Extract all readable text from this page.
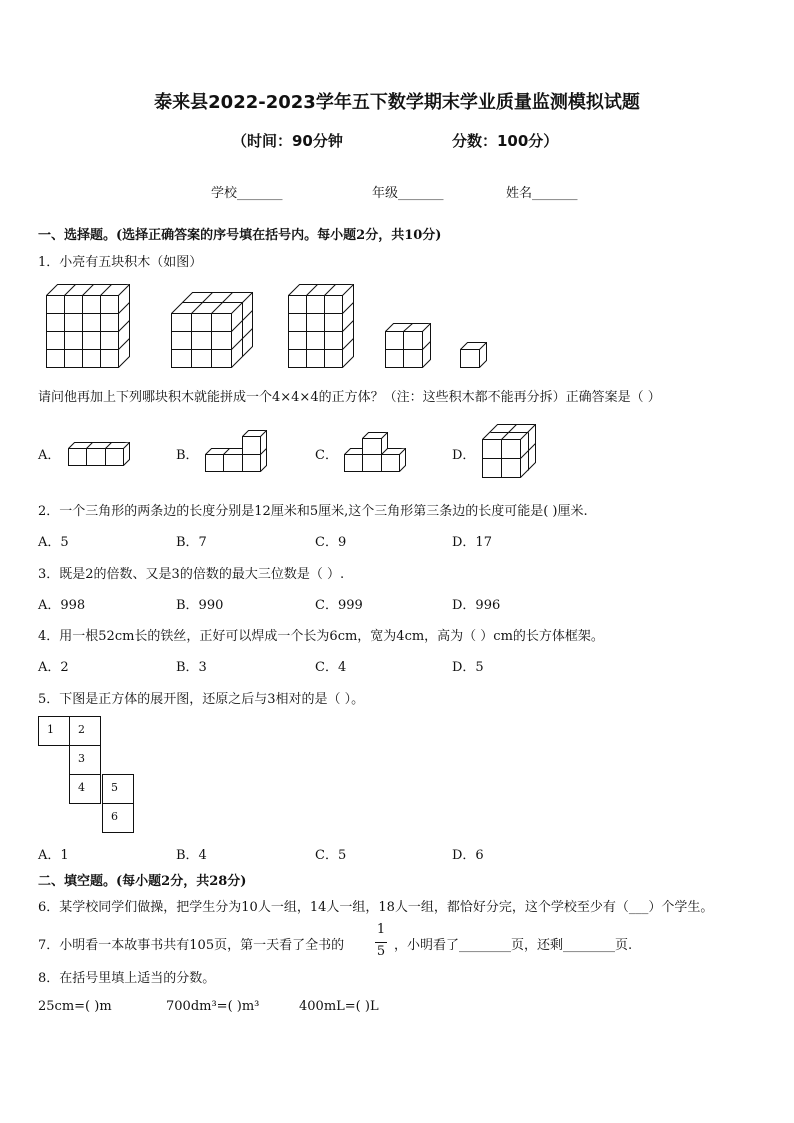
泰来县2022-2023学年五下数学期末学业质量监测模拟试题
（时间：90分钟	分数：100分）
学校_______	年级_______	姓名_______
一、选择题。(选择正确答案的序号填在括号内。每小题2分，共10分)
1．小亮有五块积木（如图）
请问他再加上下列哪块积木就能拼成一个4×4×4的正方体？（注：这些积木都不能再分拆）正确答案是（ ）
A．	B．	C．	D．
2．一个三角形的两条边的长度分别是12厘米和5厘米,这个三角形第三条边的长度可能是( )厘米.
A．5	B．7	C．9	D．17
3．既是2的倍数、又是3的倍数的最大三位数是（ ）.
A．998	B．990	C．999	D．996
4．用一根52cm长的铁丝，正好可以焊成一个长为6cm，宽为4cm，高为（ ）cm的长方体框架。
A．2	B．3	C．4	D．5
5．下图是正方体的展开图，还原之后与3相对的是（ ）。
1	2
3
4	5
6
A．1	B．4	C．5	D．6
二、填空题。(每小题2分，共28分)
6．某学校同学们做操，把学生分为10人一组，14人一组，18人一组，都恰好分完，这个学校至少有（___）个学生。
7．小明看一本故事书共有105页，第一天看了全书的
1
5 ，小明看了________页，还剩________页.
8．在括号里填上适当的分数。
25cm=( )m	700dm³=( )m³	400mL=( )L
